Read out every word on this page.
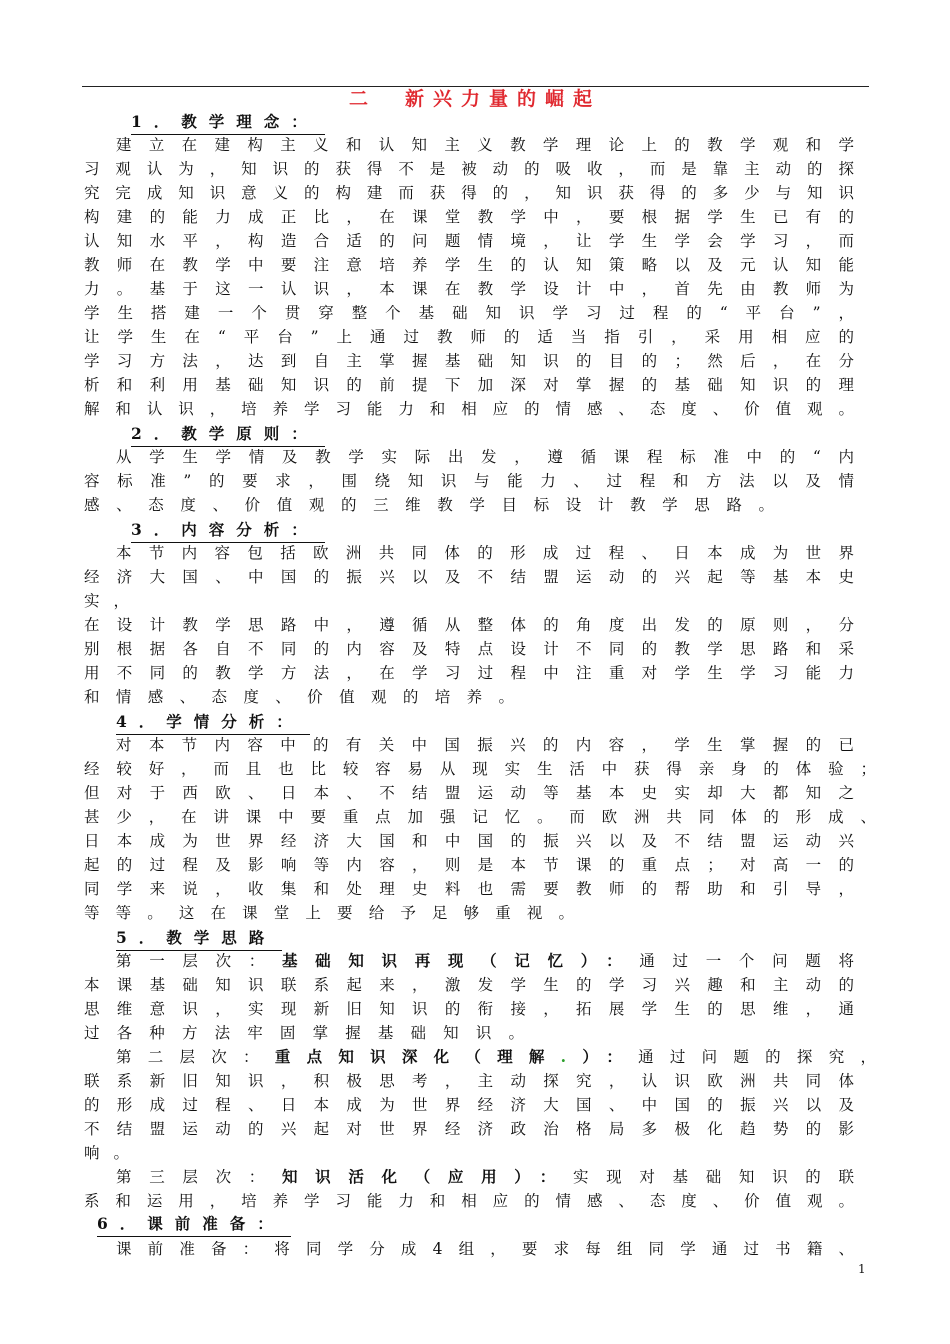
二　新兴力量的崛起
1．教学理念：
建立在建构主义和认知主义教学理论上的教学观和学
习观认为，知识的获得不是被动的吸收，而是靠主动的探
究完成知识意义的构建而获得的，知识获得的多少与知识
构建的能力成正比，在课堂教学中，要根据学生已有的
认知水平，构造合适的问题情境，让学生学会学习，而
教师在教学中要注意培养学生的认知策略以及元认知能
力。基于这一认识，本课在教学设计中，首先由教师为
学生搭建一个贯穿整个基础知识学习过程的“平台”，
让学生在“平台”上通过教师的适当指引，采用相应的
学习方法，达到自主掌握基础知识的目的；然后，在分
析和利用基础知识的前提下加深对掌握的基础知识的理
解和认识，培养学习能力和相应的情感、态度、价值观。
2．教学原则：
从学生学情及教学实际出发，遵循课程标准中的“内
容标准”的要求，围绕知识与能力、过程和方法以及情
感、态度、价值观的三维教学目标设计教学思路。
3．内容分析：
本节内容包括欧洲共同体的形成过程、日本成为世界
经济大国、中国的振兴以及不结盟运动的兴起等基本史
实，
在设计教学思路中，遵循从整体的角度出发的原则，分
别根据各自不同的内容及特点设计不同的教学思路和采
用不同的教学方法，在学习过程中注重对学生学习能力
和情感、态度、价值观的培养。
4．学情分析：
对本节内容中的有关中国振兴的内容，学生掌握的已
经较好，而且也比较容易从现实生活中获得亲身的体验；
但对于西欧、日本、不结盟运动等基本史实却大都知之
甚少，在讲课中要重点加强记忆。而欧洲共同体的形成、
日本成为世界经济大国和中国的振兴以及不结盟运动兴
起的过程及影响等内容，则是本节课的重点；对高一的
同学来说，收集和处理史料也需要教师的帮助和引导，
等等。这在课堂上要给予足够重视。
5．教学思路
第一层次：基础知识再现（记忆）：通过一个问题将
本课基础知识联系起来，激发学生的学习兴趣和主动的
思维意识，实现新旧知识的衔接，拓展学生的思维，通
过各种方法牢固掌握基础知识。
第二层次：重点知识深化（理解.）：通过问题的探究，
联系新旧知识，积极思考，主动探究，认识欧洲共同体
的形成过程、日本成为世界经济大国、中国的振兴以及
不结盟运动的兴起对世界经济政治格局多极化趋势的影
响。
第三层次：知识活化（应用）：实现对基础知识的联
系和运用，培养学习能力和相应的情感、态度、价值观。
6．课前准备：
课前准备：将同学分成4组，要求每组同学通过书籍、
1
